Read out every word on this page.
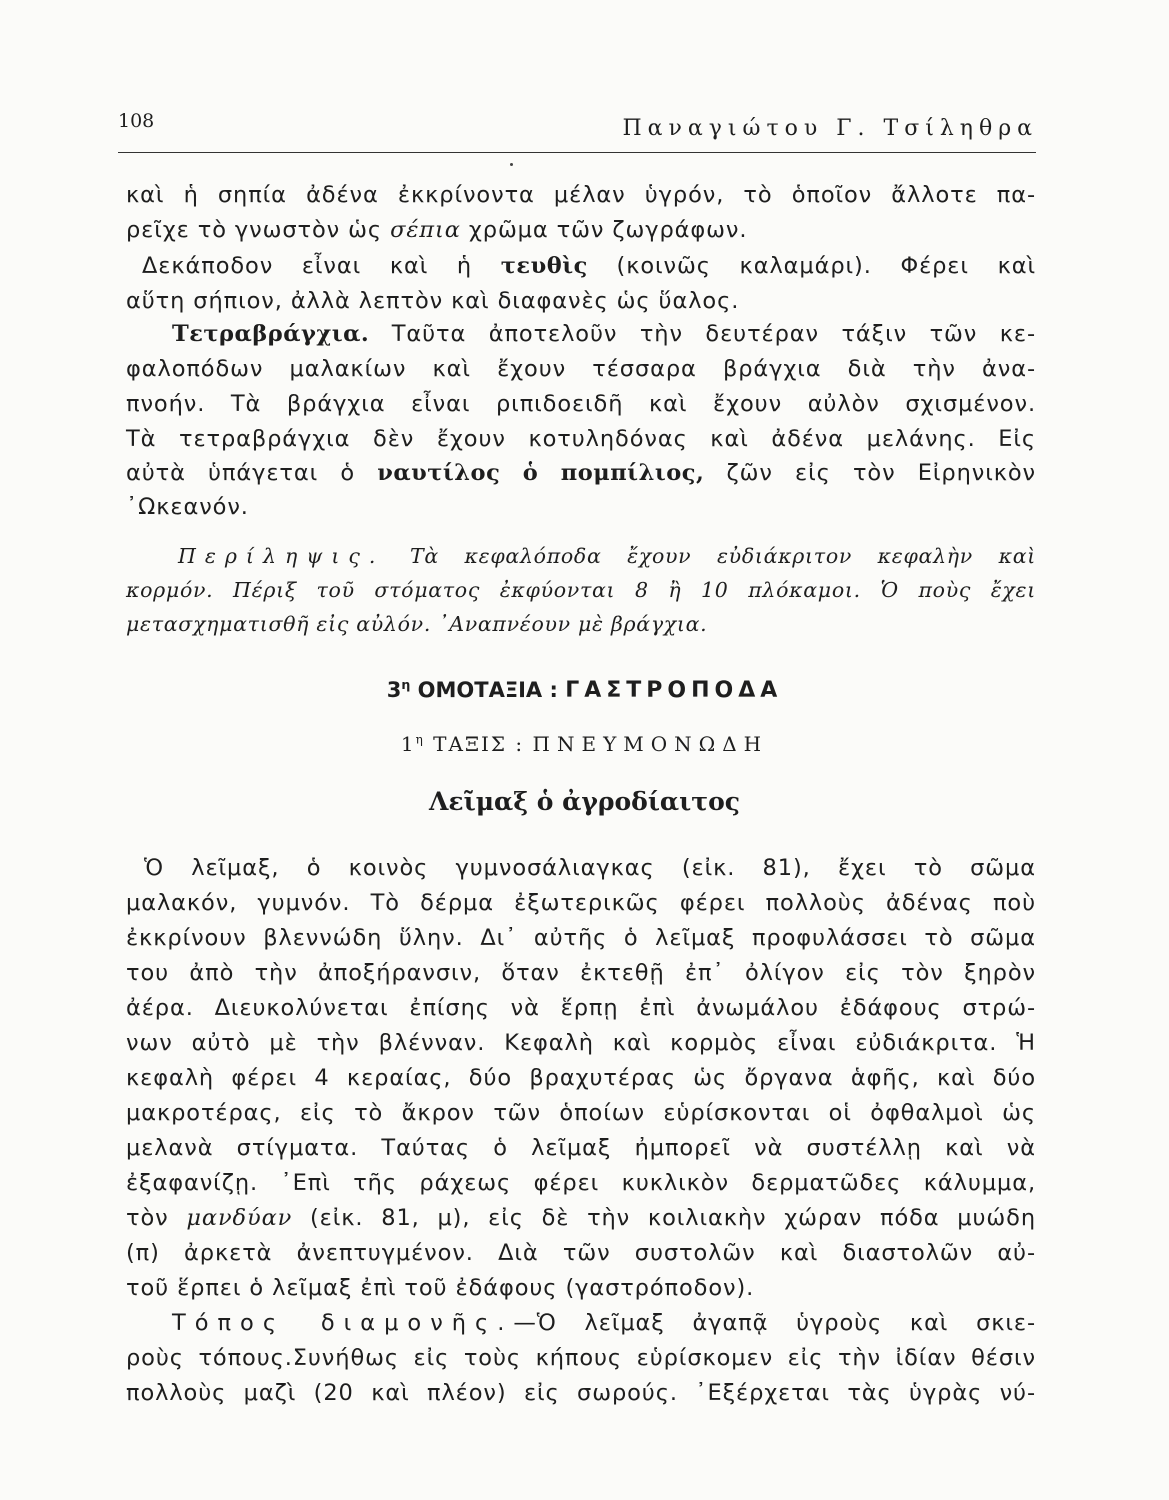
108	Παναγιώτου Γ. Τσίληθρα
καὶ ἡ σηπία ἀδένα ἐκκρίνοντα μέλαν ὑγρόν, τὸ ὁποῖον ἄλλοτε πα-
ρεῖχε τὸ γνωστὸν ὡς σέπια χρῶμα τῶν ζωγράφων.
Δεκάποδον εἶναι καὶ ἡ τευθὶς (κοινῶς καλαμάρι). Φέρει καὶ
αὕτη σήπιον, ἀλλὰ λεπτὸν καὶ διαφανὲς ὡς ὕαλος.
Τετραβράγχια. Ταῦτα ἀποτελοῦν τὴν δευτέραν τάξιν τῶν κε-
φαλοπόδων μαλακίων καὶ ἔχουν τέσσαρα βράγχια διὰ τὴν ἀνα-
πνοήν. Τὰ βράγχια εἶναι ριπιδοειδῆ καὶ ἔχουν αὐλὸν σχισμένον.
Τὰ τετραβράγχια δὲν ἔχουν κοτυληδόνας καὶ ἀδένα μελάνης. Εἰς
αὐτὰ ὑπάγεται ὁ ναυτίλος ὁ πομπίλιος, ζῶν εἰς τὸν Εἰρηνικὸν
᾿Ωκεανόν.
Περίληψις. Τὰ κεφαλόποδα ἔχουν εὐδιάκριτον κεφαλὴν καὶ
κορμόν. Πέριξ τοῦ στόματος ἐκφύονται 8 ἢ 10 πλόκαμοι. Ὁ ποὺς ἔχει
μετασχηματισθῆ εἰς αὐλόν. ᾿Αναπνέουν μὲ βράγχια.
$3^\eta$ ΟΜΟΤΑΞΙΑ : ΓΑΣΤΡΟΠΟΔΑ
$1^\eta$ ΤΑΞΙΣ : ΠΝΕΥΜΟΝΩΔΗ
Λεῖμαξ ὁ ἀγροδίαιτος
Ὁ λεῖμαξ, ὁ κοινὸς γυμνοσάλιαγκας (εἰκ. 81), ἔχει τὸ σῶμα
μαλακόν, γυμνόν. Τὸ δέρμα ἐξωτερικῶς φέρει πολλοὺς ἀδένας ποὺ
ἐκκρίνουν βλεννώδη ὕλην. Δι᾿ αὐτῆς ὁ λεῖμαξ προφυλάσσει τὸ σῶμα
του ἀπὸ τὴν ἀποξήρανσιν, ὅταν ἐκτεθῇ ἐπ᾿ ὀλίγον εἰς τὸν ξηρὸν
ἀέρα. Διευκολύνεται ἐπίσης νὰ ἕρπῃ ἐπὶ ἀνωμάλου ἐδάφους στρώ-
νων αὐτὸ μὲ τὴν βλένναν. Κεφαλὴ καὶ κορμὸς εἶναι εὐδιάκριτα. Ἡ
κεφαλὴ φέρει 4 κεραίας, δύο βραχυτέρας ὡς ὄργανα ἁφῆς, καὶ δύο
μακροτέρας, εἰς τὸ ἄκρον τῶν ὁποίων εὑρίσκονται οἱ ὀφθαλμοὶ ὡς
μελανὰ στίγματα. Ταύτας ὁ λεῖμαξ ἠμπορεῖ νὰ συστέλλῃ καὶ νὰ
ἐξαφανίζῃ. ᾿Επὶ τῆς ράχεως φέρει κυκλικὸν δερματῶδες κάλυμμα,
τὸν μανδύαν (εἰκ. 81, μ), εἰς δὲ τὴν κοιλιακὴν χώραν πόδα μυώδη
(π) ἀρκετὰ ἀνεπτυγμένον. Διὰ τῶν συστολῶν καὶ διαστολῶν αὐ-
τοῦ ἕρπει ὁ λεῖμαξ ἐπὶ τοῦ ἐδάφους (γαστρόποδον).
Τόπος διαμονῆς.—Ὁ λεῖμαξ ἀγαπᾷ ὑγροὺς καὶ σκιε-
ροὺς τόπους.Συνήθως εἰς τοὺς κήπους εὑρίσκομεν εἰς τὴν ἰδίαν θέσιν
πολλοὺς μαζὶ (20 καὶ πλέον) εἰς σωρούς. ᾿Εξέρχεται τὰς ὑγρὰς νύ-
